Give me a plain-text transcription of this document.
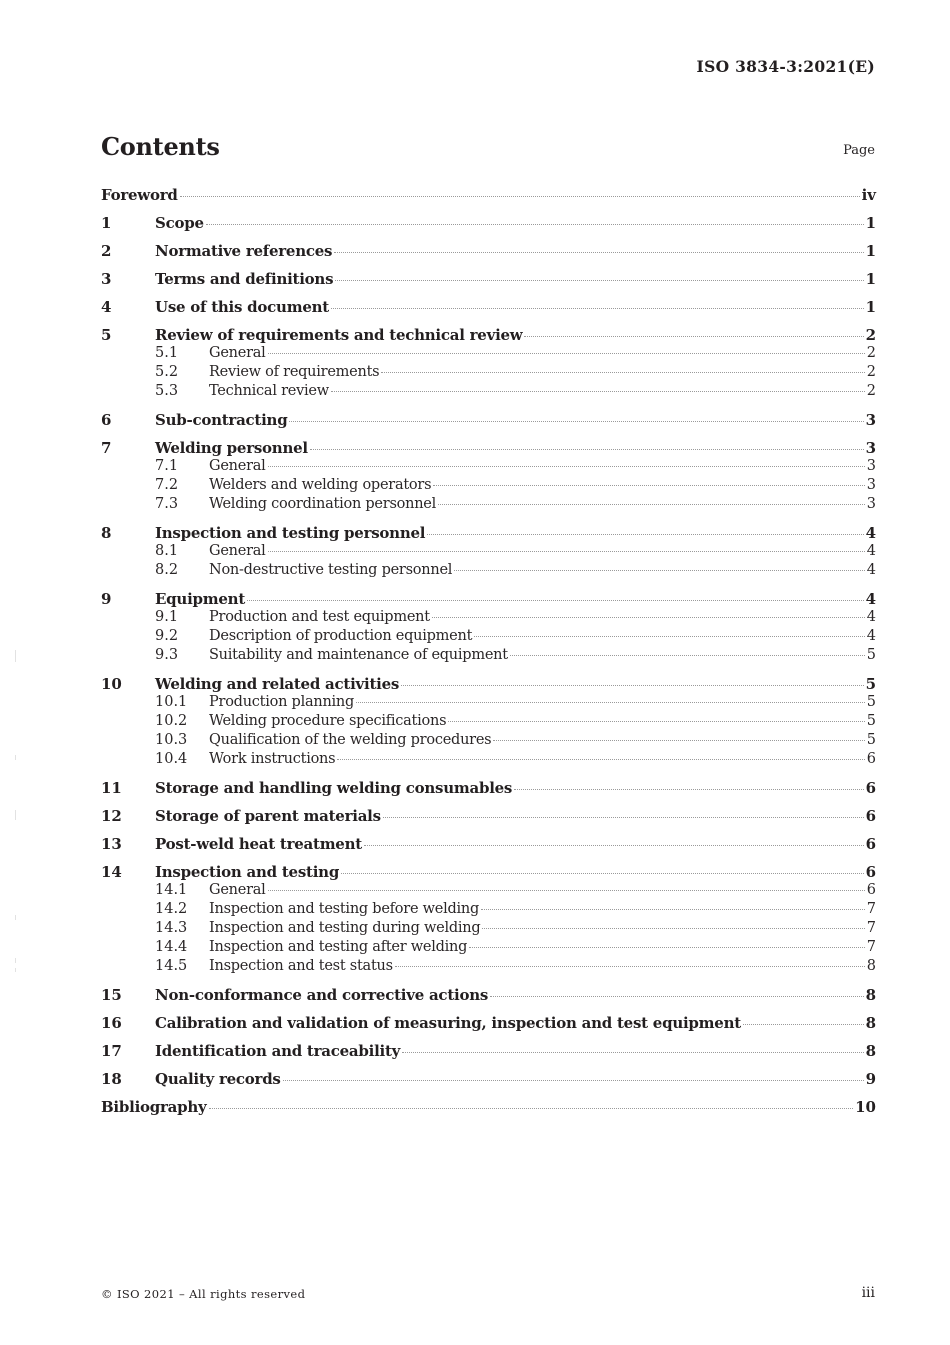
ISO 3834-3:2021(E)
Contents	Page
Foreword	iv
1	Scope	1
2	Normative references	1
3	Terms and definitions	1
4	Use of this document	1
5	Review of requirements and technical review	2
5.1	General	2
5.2	Review of requirements	2
5.3	Technical review	2
6	Sub-contracting	3
7	Welding personnel	3
7.1	General	3
7.2	Welders and welding operators	3
7.3	Welding coordination personnel	3
8	Inspection and testing personnel	4
8.1	General	4
8.2	Non-destructive testing personnel	4
9	Equipment	4
9.1	Production and test equipment	4
9.2	Description of production equipment	4
9.3	Suitability and maintenance of equipment	5
10	Welding and related activities	5
10.1	Production planning	5
10.2	Welding procedure specifications	5
10.3	Qualification of the welding procedures	5
10.4	Work instructions	6
11	Storage and handling welding consumables	6
12	Storage of parent materials	6
13	Post-weld heat treatment	6
14	Inspection and testing	6
14.1	General	6
14.2	Inspection and testing before welding	7
14.3	Inspection and testing during welding	7
14.4	Inspection and testing after welding	7
14.5	Inspection and test status	8
15	Non-conformance and corrective actions	8
16	Calibration and validation of measuring, inspection and test equipment	8
17	Identification and traceability	8
18	Quality records	9
Bibliography	10
© ISO 2021 – All rights reserved	iii
